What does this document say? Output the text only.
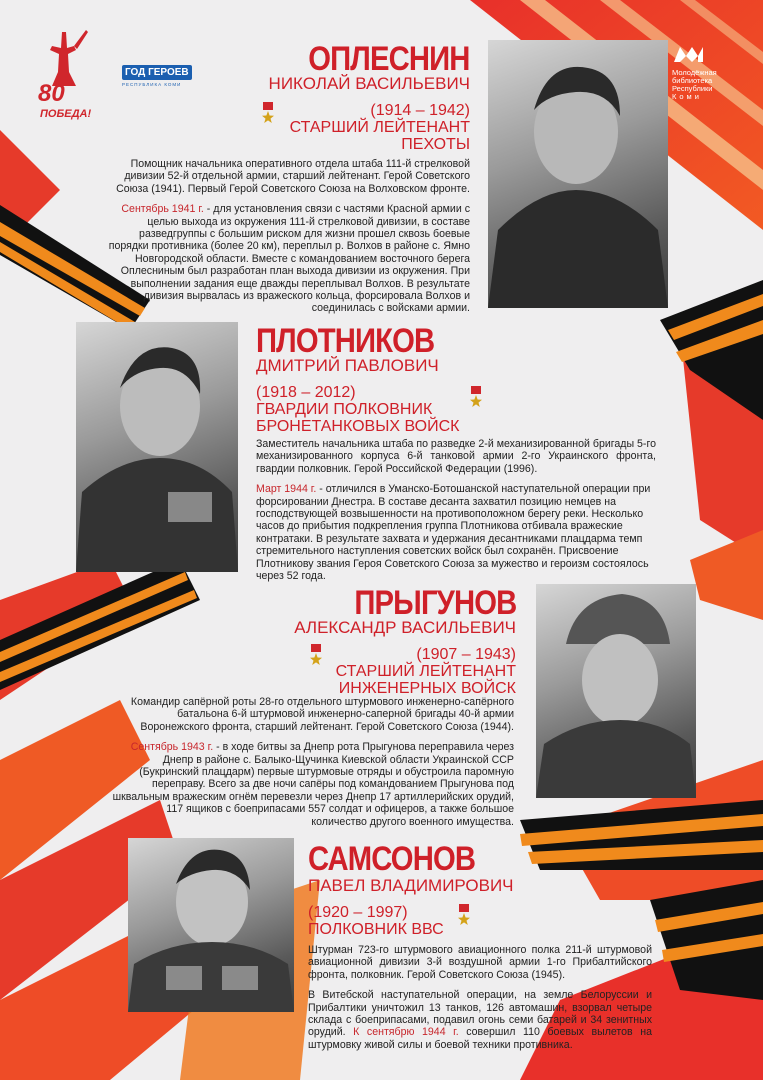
80
ПОБЕДА!
ГОД ГЕРОЕВ
РЕСПУБЛИКА КОМИ
Молодёжная
библиотека
Республики
Коми
ОПЛЕСНИН
НИКОЛАЙ ВАСИЛЬЕВИЧ
(1914 – 1942)
СТАРШИЙ ЛЕЙТЕНАНТ
ПЕХОТЫ

Помощник начальника оперативного отдела штаба 111-й стрелковой дивизии 52-й отдельной армии, старший лейтенант. Герой Советского Союза (1941). Первый Герой Советского Союза на Волховском фронте.

Сентябрь 1941 г. - для установления связи с частями Красной армии с целью выхода из окружения 111-й стрелковой дивизии, в составе разведгруппы с большим риском для жизни прошел сквозь боевые порядки противника (более 20 км), переплыл р. Волхов в районе с. Ямно Новгородской области. Вместе с командованием восточного берега Оплесниным был разработан план выхода дивизии из окружения. При выполнении задания еще дважды переплывал Волхов. В результате дивизия вырвалась из вражеского кольца, форсировала Волхов и соединилась с войсками армии.

ПЛОТНИКОВ
ДМИТРИЙ ПАВЛОВИЧ
(1918 – 2012)
ГВАРДИИ ПОЛКОВНИК
БРОНЕТАНКОВЫХ ВОЙСК

Заместитель начальника штаба по разведке 2-й механизированной бригады 5-го механизированного корпуса 6-й танковой армии 2-го Украинского фронта, гвардии полковник. Герой Российской Федерации (1996).

Март 1944 г. - отличился в Уманско-Ботошанской наступательной операции при форсировании Днестра. В составе десанта захватил позицию немцев на господствующей возвышенности на противоположном берегу реки. Несколько часов до прибытия подкрепления группа Плотникова отбивала вражеские контратаки. В результате захвата и удержания десантниками плацдарма темп стремительного наступления советских войск был сохранён. Присвоение Плотникову звания Героя Советского Союза за мужество и героизм состоялось через 52 года.

ПРЫГУНОВ
АЛЕКСАНДР ВАСИЛЬЕВИЧ
(1907 – 1943)
СТАРШИЙ ЛЕЙТЕНАНТ
ИНЖЕНЕРНЫХ ВОЙСК

Командир сапёрной роты 28-го отдельного штурмового инженерно-сапёрного батальона 6-й штурмовой инженерно-саперной бригады 40-й армии Воронежского фронта, старший лейтенант. Герой Советского Союза (1944).

Сентябрь 1943 г. - в ходе битвы за Днепр рота Прыгунова переправила через Днепр в районе с. Балыко-Щучинка Киевской области Украинской ССР (Букринский плацдарм) первые штурмовые отряды и обустроила паромную переправу. Всего за две ночи сапёры под командованием Прыгунова под шквальным вражеским огнём перевезли через Днепр 17 артиллерийских орудий, 117 ящиков с боеприпасами 557 солдат и офицеров, а также большое количество другого военного имущества.

САМСОНОВ
ПАВЕЛ ВЛАДИМИРОВИЧ
(1920 – 1997)
ПОЛКОВНИК ВВС

Штурман 723-го штурмового авиационного полка 211-й штурмовой авиационной дивизии 3-й воздушной армии 1-го Прибалтийского фронта, полковник. Герой Советского Союза (1945).

В Витебской наступательной операции, на земле Белоруссии и Прибалтики уничтожил 13 танков, 126 автомашин, взорвал четыре склада с боеприпасами, подавил огонь семи батарей и 34 зенитных орудий. К сентябрю 1944 г. совершил 110 боевых вылетов на штурмовку живой силы и боевой техники противника.
